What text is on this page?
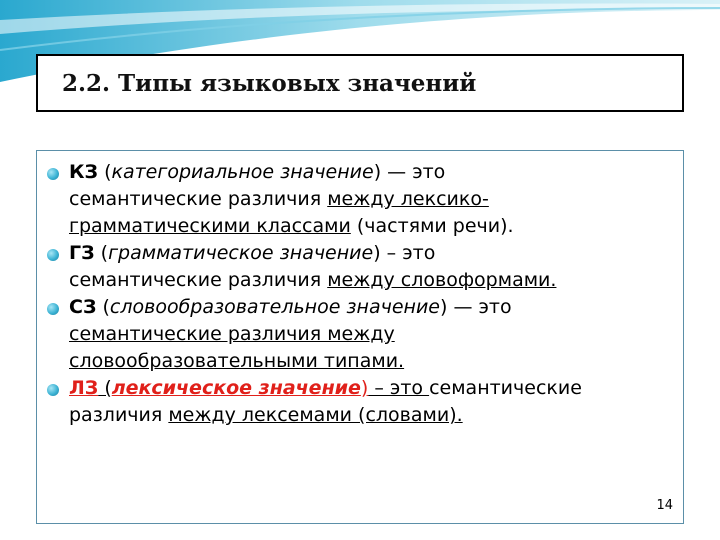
2.2. Типы языковых значений
КЗ (категориальное значение) — это
семантические различия между лексико-
грамматическими классами (частями речи).
ГЗ (грамматическое значение) – это
семантические различия между словоформами.
СЗ (словообразовательное значение) — это
семантические различия между
словообразовательными типами.
ЛЗ (лексическое значение) – это семантические
различия между лексемами (словами).
14
